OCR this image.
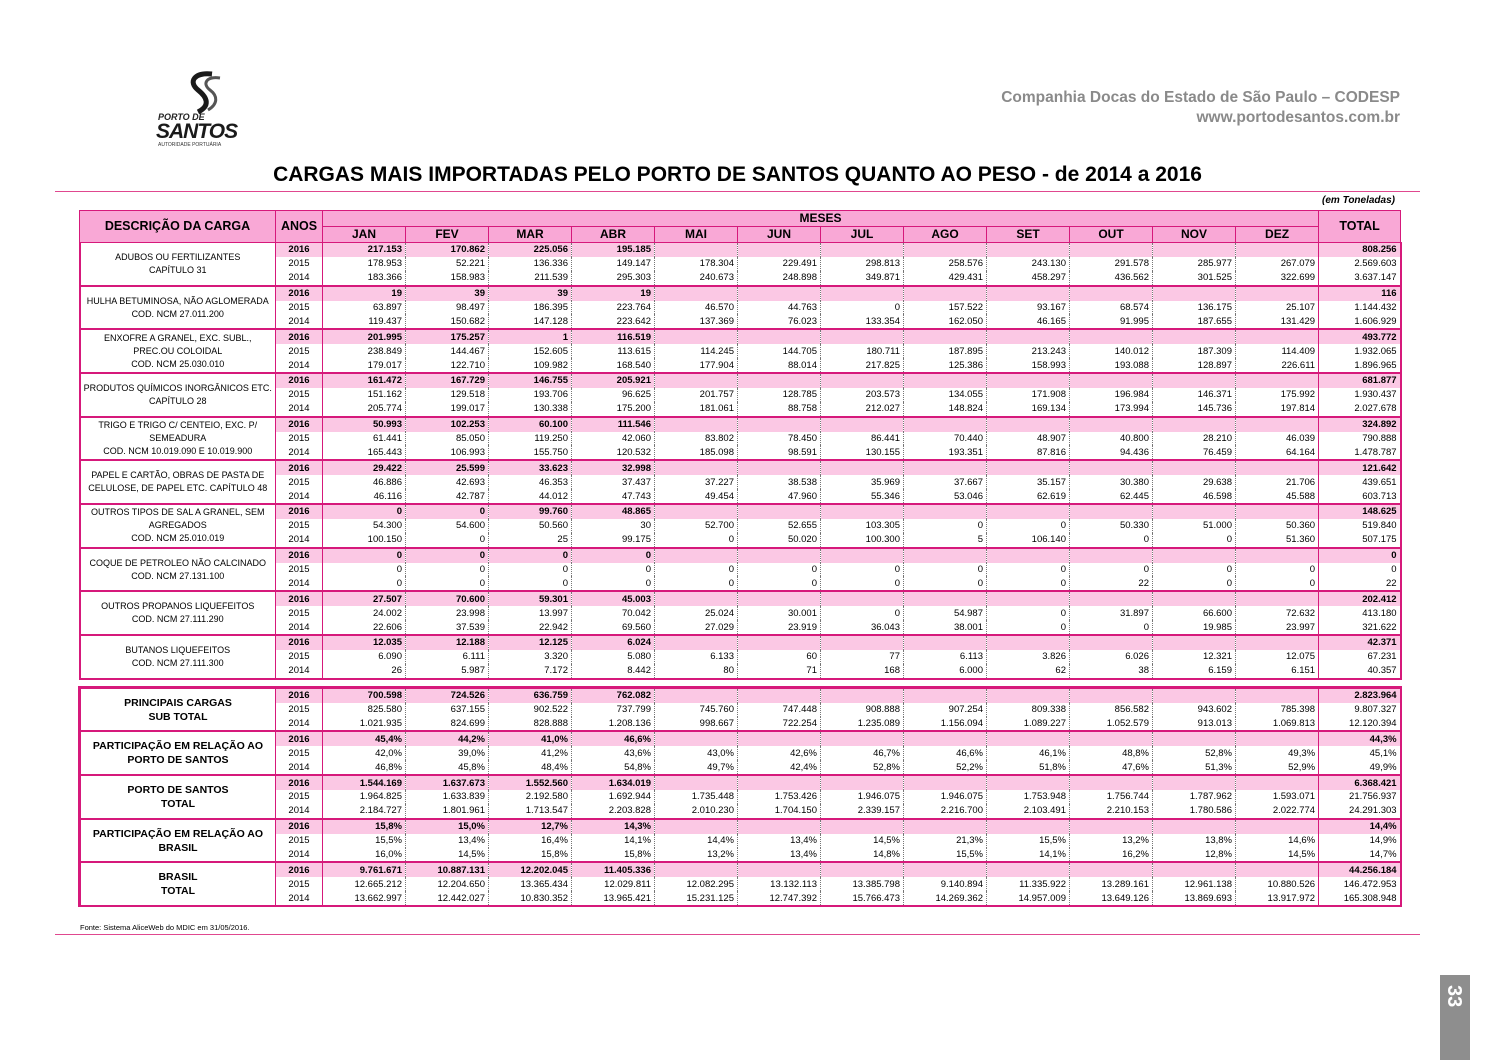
PORTO DE
SANTOS
AUTORIDADE PORTUÁRIA
Companhia Docas do Estado de São Paulo – CODESP
www.portodesantos.com.br
CARGAS MAIS IMPORTADAS PELO PORTO DE SANTOS QUANTO AO PESO - de 2014 a 2016
(em Toneladas)
DESCRIÇÃO DA CARGA	ANOS	MESES												TOTAL
		JAN	FEV	MAR	ABR	MAI	JUN	JUL	AGO	SET	OUT	NOV	DEZ	

ADUBOS OU FERTILIZANTES
CAPÍTULO 31	2016	217.153	170.862	225.056	195.185									808.256
	2015	178.953	52.221	136.336	149.147	178.304	229.491	298.813	258.576	243.130	291.578	285.977	267.079	2.569.603
	2014	183.366	158.983	211.539	295.303	240.673	248.898	349.871	429.431	458.297	436.562	301.525	322.699	3.637.147

HULHA BETUMINOSA, NÃO AGLOMERADA
COD. NCM 27.011.200	2016	19	39	39	19									116
	2015	63.897	98.497	186.395	223.764	46.570	44.763	0	157.522	93.167	68.574	136.175	25.107	1.144.432
	2014	119.437	150.682	147.128	223.642	137.369	76.023	133.354	162.050	46.165	91.995	187.655	131.429	1.606.929

ENXOFRE A GRANEL, EXC. SUBL.,
PREC.OU COLOIDAL
COD. NCM 25.030.010	2016	201.995	175.257	1	116.519									493.772
	2015	238.849	144.467	152.605	113.615	114.245	144.705	180.711	187.895	213.243	140.012	187.309	114.409	1.932.065
	2014	179.017	122.710	109.982	168.540	177.904	88.014	217.825	125.386	158.993	193.088	128.897	226.611	1.896.965

PRODUTOS QUÍMICOS INORGÂNICOS ETC.
CAPÍTULO 28	2016	161.472	167.729	146.755	205.921									681.877
	2015	151.162	129.518	193.706	96.625	201.757	128.785	203.573	134.055	171.908	196.984	146.371	175.992	1.930.437
	2014	205.774	199.017	130.338	175.200	181.061	88.758	212.027	148.824	169.134	173.994	145.736	197.814	2.027.678

TRIGO E TRIGO C/ CENTEIO, EXC. P/
SEMEADURA
COD. NCM 10.019.090 E 10.019.900	2016	50.993	102.253	60.100	111.546									324.892
	2015	61.441	85.050	119.250	42.060	83.802	78.450	86.441	70.440	48.907	40.800	28.210	46.039	790.888
	2014	165.443	106.993	155.750	120.532	185.098	98.591	130.155	193.351	87.816	94.436	76.459	64.164	1.478.787

PAPEL E CARTÃO, OBRAS DE PASTA DE
CELULOSE, DE PAPEL ETC. CAPÍTULO 48	2016	29.422	25.599	33.623	32.998									121.642
	2015	46.886	42.693	46.353	37.437	37.227	38.538	35.969	37.667	35.157	30.380	29.638	21.706	439.651
	2014	46.116	42.787	44.012	47.743	49.454	47.960	55.346	53.046	62.619	62.445	46.598	45.588	603.713

OUTROS TIPOS DE SAL A GRANEL, SEM
AGREGADOS
COD. NCM 25.010.019	2016	0	0	99.760	48.865									148.625
	2015	54.300	54.600	50.560	30	52.700	52.655	103.305	0	0	50.330	51.000	50.360	519.840
	2014	100.150	0	25	99.175	0	50.020	100.300	5	106.140	0	0	51.360	507.175

COQUE DE PETROLEO NÃO CALCINADO
COD. NCM 27.131.100	2016	0	0	0	0									0
	2015	0	0	0	0	0	0	0	0	0	0	0	0	0
	2014	0	0	0	0	0	0	0	0	0	22	0	0	22

OUTROS PROPANOS LIQUEFEITOS
COD. NCM 27.111.290	2016	27.507	70.600	59.301	45.003									202.412
	2015	24.002	23.998	13.997	70.042	25.024	30.001	0	54.987	0	31.897	66.600	72.632	413.180
	2014	22.606	37.539	22.942	69.560	27.029	23.919	36.043	38.001	0	0	19.985	23.997	321.622

BUTANOS LIQUEFEITOS
COD. NCM 27.111.300	2016	12.035	12.188	12.125	6.024									42.371
	2015	6.090	6.111	3.320	5.080	6.133	60	77	6.113	3.826	6.026	12.321	12.075	67.231
	2014	26	5.987	7.172	8.442	80	71	168	6.000	62	38	6.159	6.151	40.357

PRINCIPAIS CARGAS
SUB TOTAL	2016	700.598	724.526	636.759	762.082									2.823.964
	2015	825.580	637.155	902.522	737.799	745.760	747.448	908.888	907.254	809.338	856.582	943.602	785.398	9.807.327
	2014	1.021.935	824.699	828.888	1.208.136	998.667	722.254	1.235.089	1.156.094	1.089.227	1.052.579	913.013	1.069.813	12.120.394

PARTICIPAÇÃO EM RELAÇÃO AO
PORTO DE SANTOS	2016	45,4%	44,2%	41,0%	46,6%									44,3%
	2015	42,0%	39,0%	41,2%	43,6%	43,0%	42,6%	46,7%	46,6%	46,1%	48,8%	52,8%	49,3%	45,1%
	2014	46,8%	45,8%	48,4%	54,8%	49,7%	42,4%	52,8%	52,2%	51,8%	47,6%	51,3%	52,9%	49,9%

PORTO DE SANTOS
TOTAL	2016	1.544.169	1.637.673	1.552.560	1.634.019									6.368.421
	2015	1.964.825	1.633.839	2.192.580	1.692.944	1.735.448	1.753.426	1.946.075	1.946.075	1.753.948	1.756.744	1.787.962	1.593.071	21.756.937
	2014	2.184.727	1.801.961	1.713.547	2.203.828	2.010.230	1.704.150	2.339.157	2.216.700	2.103.491	2.210.153	1.780.586	2.022.774	24.291.303

PARTICIPAÇÃO EM RELAÇÃO AO
BRASIL	2016	15,8%	15,0%	12,7%	14,3%									14,4%
	2015	15,5%	13,4%	16,4%	14,1%	14,4%	13,4%	14,5%	21,3%	15,5%	13,2%	13,8%	14,6%	14,9%
	2014	16,0%	14,5%	15,8%	15,8%	13,2%	13,4%	14,8%	15,5%	14,1%	16,2%	12,8%	14,5%	14,7%

BRASIL
TOTAL	2016	9.761.671	10.887.131	12.202.045	11.405.336									44.256.184
	2015	12.665.212	12.204.650	13.365.434	12.029.811	12.082.295	13.132.113	13.385.798	9.140.894	11.335.922	13.289.161	12.961.138	10.880.526	146.472.953
	2014	13.662.997	12.442.027	10.830.352	13.965.421	15.231.125	12.747.392	15.766.473	14.269.362	14.957.009	13.649.126	13.869.693	13.917.972	165.308.948
Fonte: Sistema AliceWeb do MDIC em 31/05/2016.
33
